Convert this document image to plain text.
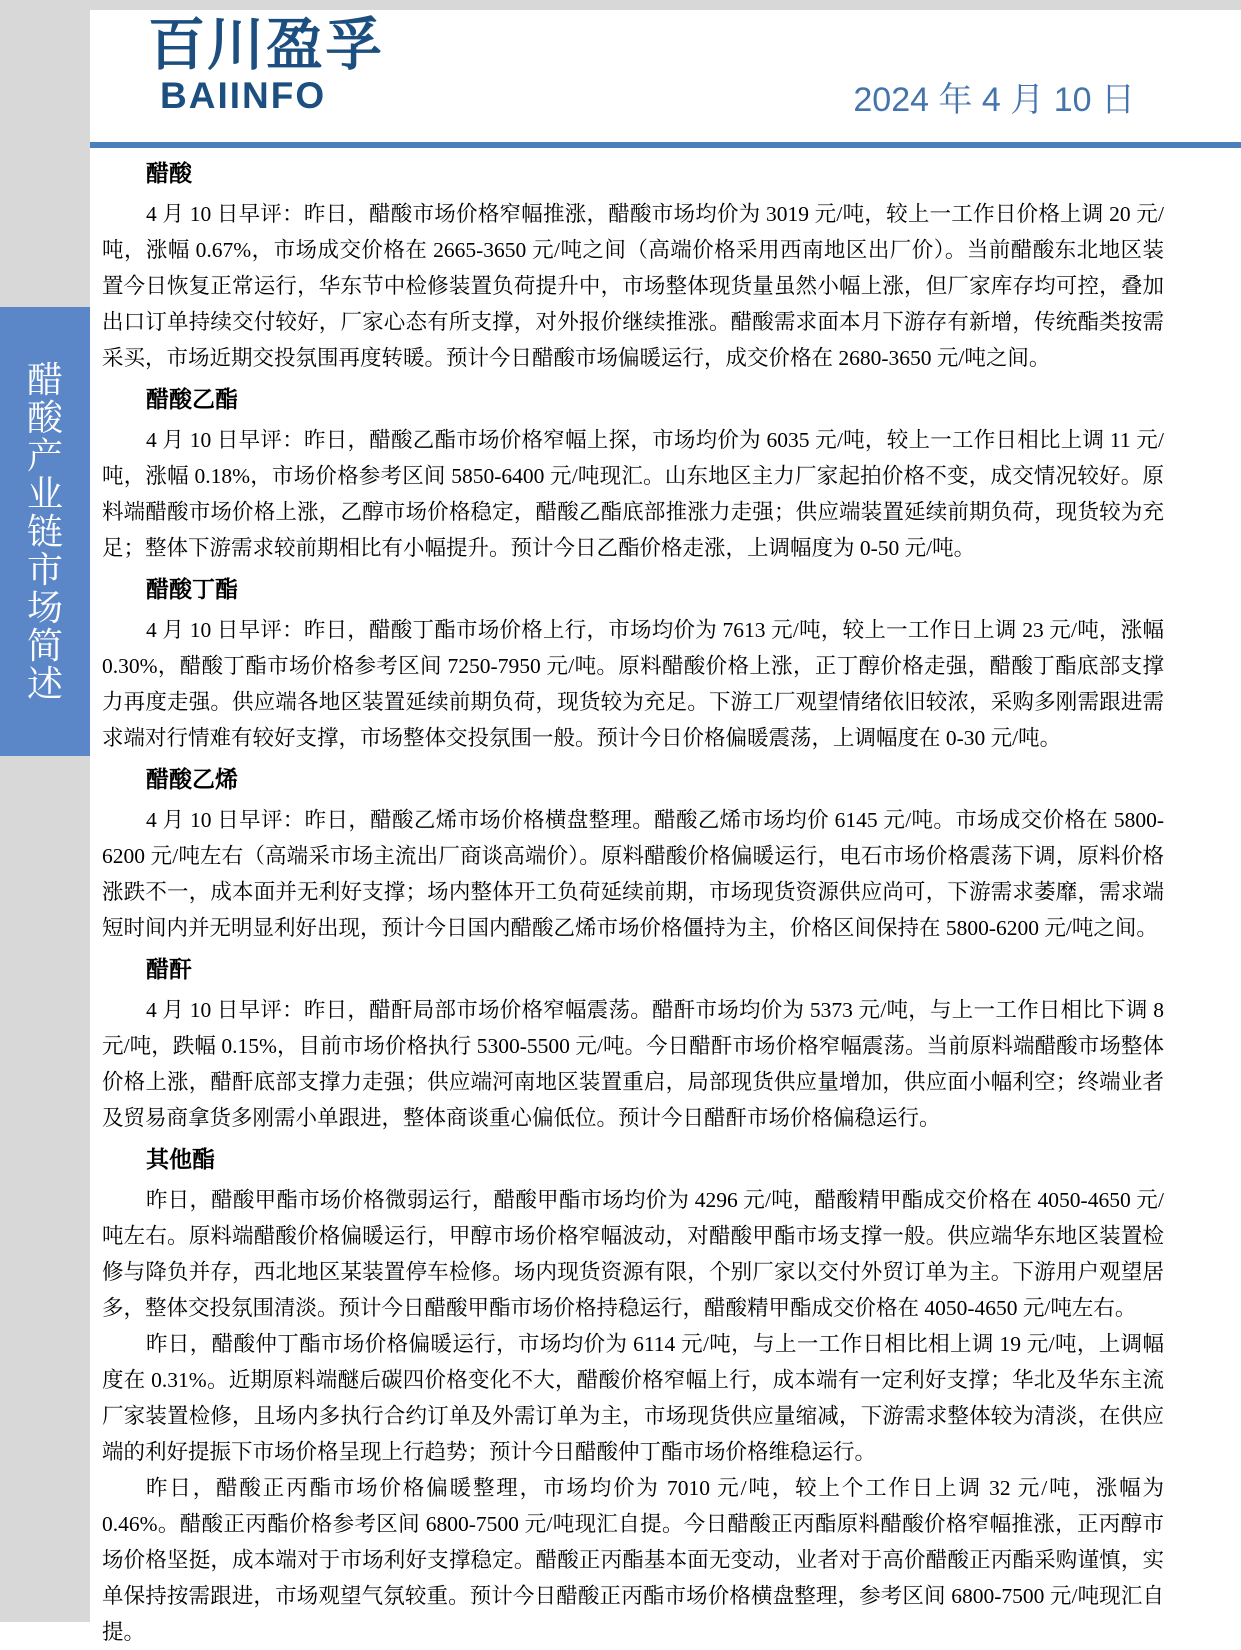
醋酸产业链市场简述
百川盈孚
BAIINFO	2024 年 4 月 10 日
醋酸

4 月 10 日早评：昨日，醋酸市场价格窄幅推涨，醋酸市场均价为 3019 元/吨，较上一工作日价格上调 20 元/吨，涨幅 0.67%，市场成交价格在 2665-3650 元/吨之间（高端价格采用西南地区出厂价）。当前醋酸东北地区装置今日恢复正常运行，华东节中检修装置负荷提升中，市场整体现货量虽然小幅上涨，但厂家库存均可控，叠加出口订单持续交付较好，厂家心态有所支撑，对外报价继续推涨。醋酸需求面本月下游存有新增，传统酯类按需采买，市场近期交投氛围再度转暖。预计今日醋酸市场偏暖运行，成交价格在 2680-3650 元/吨之间。

醋酸乙酯

4 月 10 日早评：昨日，醋酸乙酯市场价格窄幅上探，市场均价为 6035 元/吨，较上一工作日相比上调 11 元/吨，涨幅 0.18%，市场价格参考区间 5850-6400 元/吨现汇。山东地区主力厂家起拍价格不变，成交情况较好。原料端醋酸市场价格上涨，乙醇市场价格稳定，醋酸乙酯底部推涨力走强；供应端装置延续前期负荷，现货较为充足；整体下游需求较前期相比有小幅提升。预计今日乙酯价格走涨，上调幅度为 0-50 元/吨。

醋酸丁酯

4 月 10 日早评：昨日，醋酸丁酯市场价格上行，市场均价为 7613 元/吨，较上一工作日上调 23 元/吨，涨幅 0.30%，醋酸丁酯市场价格参考区间 7250-7950 元/吨。原料醋酸价格上涨，正丁醇价格走强，醋酸丁酯底部支撑力再度走强。供应端各地区装置延续前期负荷，现货较为充足。下游工厂观望情绪依旧较浓，采购多刚需跟进需求端对行情难有较好支撑，市场整体交投氛围一般。预计今日价格偏暖震荡，上调幅度在 0-30 元/吨。

醋酸乙烯

4 月 10 日早评：昨日，醋酸乙烯市场价格横盘整理。醋酸乙烯市场均价 6145 元/吨。市场成交价格在 5800-6200 元/吨左右（高端采市场主流出厂商谈高端价）。原料醋酸价格偏暖运行，电石市场价格震荡下调，原料价格涨跌不一，成本面并无利好支撑；场内整体开工负荷延续前期，市场现货资源供应尚可，下游需求萎靡，需求端短时间内并无明显利好出现，预计今日国内醋酸乙烯市场价格僵持为主，价格区间保持在 5800-6200 元/吨之间。

醋酐

4 月 10 日早评：昨日，醋酐局部市场价格窄幅震荡。醋酐市场均价为 5373 元/吨，与上一工作日相比下调 8 元/吨，跌幅 0.15%，目前市场价格执行 5300-5500 元/吨。今日醋酐市场价格窄幅震荡。当前原料端醋酸市场整体价格上涨，醋酐底部支撑力走强；供应端河南地区装置重启，局部现货供应量增加，供应面小幅利空；终端业者及贸易商拿货多刚需小单跟进，整体商谈重心偏低位。预计今日醋酐市场价格偏稳运行。

其他酯

昨日，醋酸甲酯市场价格微弱运行，醋酸甲酯市场均价为 4296 元/吨，醋酸精甲酯成交价格在 4050-4650 元/吨左右。原料端醋酸价格偏暖运行，甲醇市场价格窄幅波动，对醋酸甲酯市场支撑一般。供应端华东地区装置检修与降负并存，西北地区某装置停车检修。场内现货资源有限，个别厂家以交付外贸订单为主。下游用户观望居多，整体交投氛围清淡。预计今日醋酸甲酯市场价格持稳运行，醋酸精甲酯成交价格在 4050-4650 元/吨左右。

昨日，醋酸仲丁酯市场价格偏暖运行，市场均价为 6114 元/吨，与上一工作日相比相上调 19 元/吨，上调幅度在 0.31%。近期原料端醚后碳四价格变化不大，醋酸价格窄幅上行，成本端有一定利好支撑；华北及华东主流厂家装置检修，且场内多执行合约订单及外需订单为主，市场现货供应量缩减，下游需求整体较为清淡，在供应端的利好提振下市场价格呈现上行趋势；预计今日醋酸仲丁酯市场价格维稳运行。

昨日，醋酸正丙酯市场价格偏暖整理，市场均价为 7010 元/吨，较上个工作日上调 32 元/吨，涨幅为 0.46%。醋酸正丙酯价格参考区间 6800-7500 元/吨现汇自提。今日醋酸正丙酯原料醋酸价格窄幅推涨，正丙醇市场价格坚挺，成本端对于市场利好支撑稳定。醋酸正丙酯基本面无变动，业者对于高价醋酸正丙酯采购谨慎，实单保持按需跟进，市场观望气氛较重。预计今日醋酸正丙酯市场价格横盘整理，参考区间 6800-7500 元/吨现汇自提。
